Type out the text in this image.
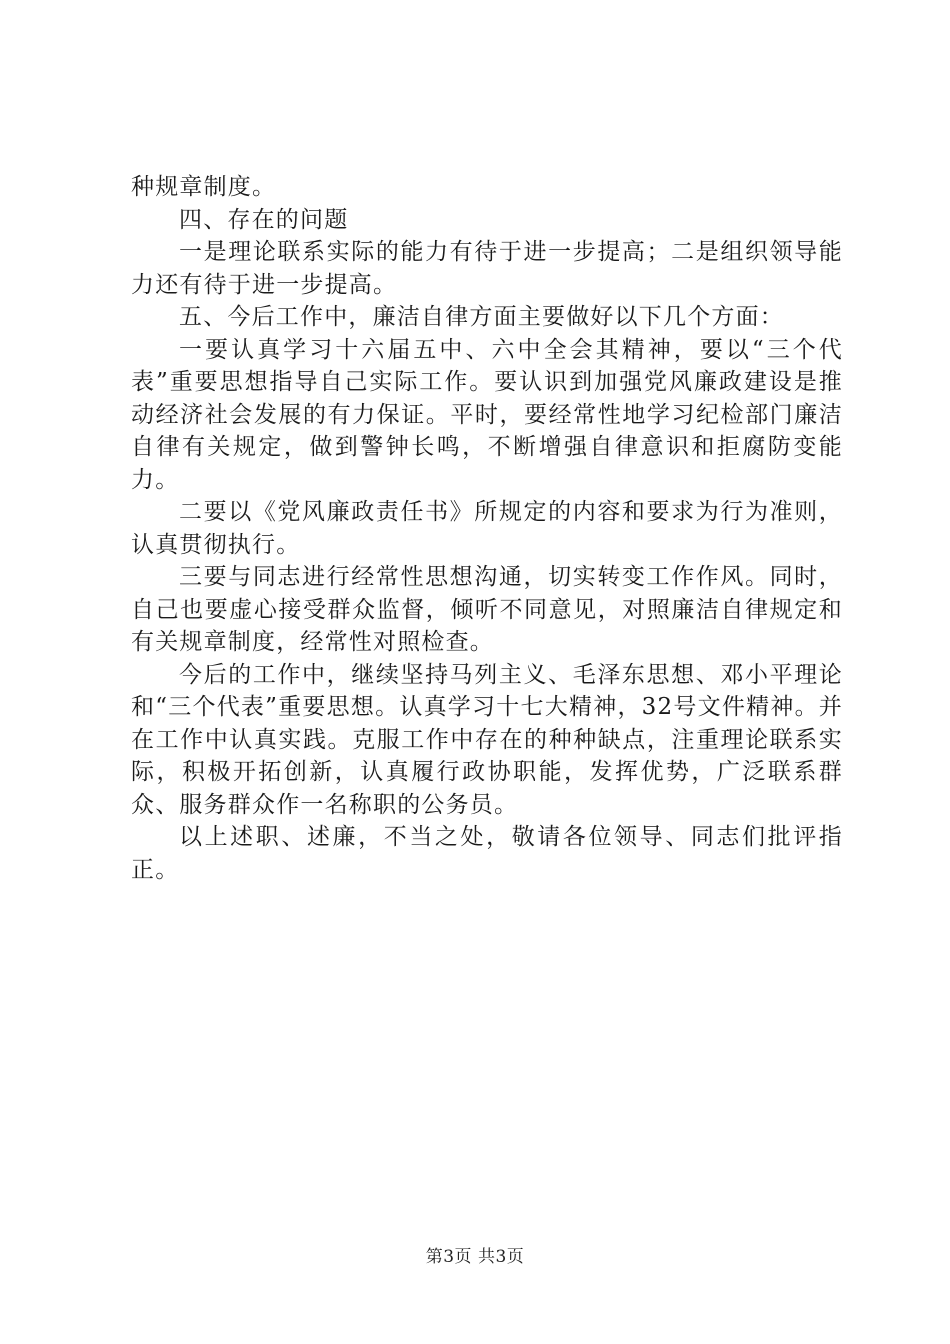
种规章制度。

四、存在的问题

一是理论联系实际的能力有待于进一步提高；二是组织领导能力还有待于进一步提高。

五、今后工作中，廉洁自律方面主要做好以下几个方面：

一要认真学习十六届五中、六中全会其精神，要以“三个代表”重要思想指导自己实际工作。要认识到加强党风廉政建设是推动经济社会发展的有力保证。平时，要经常性地学习纪检部门廉洁自律有关规定，做到警钟长鸣，不断增强自律意识和拒腐防变能力。

二要以《党风廉政责任书》所规定的内容和要求为行为准则，认真贯彻执行。

三要与同志进行经常性思想沟通，切实转变工作作风。同时，自己也要虚心接受群众监督，倾听不同意见，对照廉洁自律规定和有关规章制度，经常性对照检查。

今后的工作中，继续坚持马列主义、毛泽东思想、邓小平理论和“三个代表”重要思想。认真学习十七大精神，32号文件精神。并在工作中认真实践。克服工作中存在的种种缺点，注重理论联系实际，积极开拓创新，认真履行政协职能，发挥优势，广泛联系群众、服务群众作一名称职的公务员。

以上述职、述廉，不当之处，敬请各位领导、同志们批评指正。

第3页 共3页
